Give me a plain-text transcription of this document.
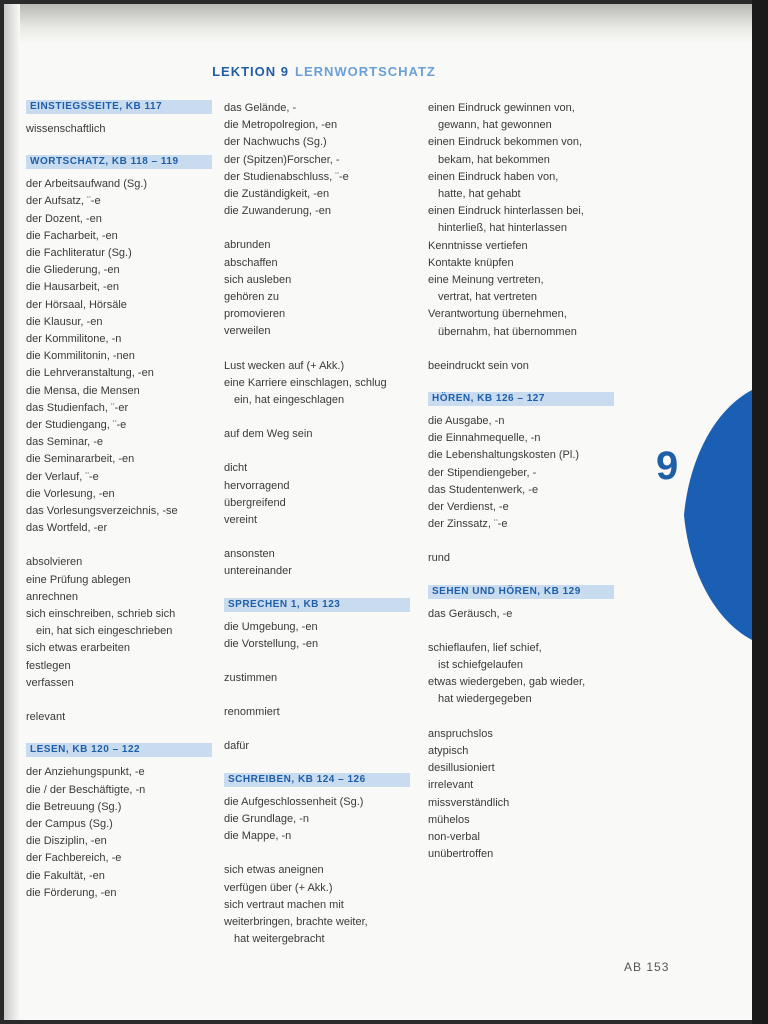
LEKTION 9 LERNWORTSCHATZ
EINSTIEGSSEITE, KB 117
wissenschaftlich
WORTSCHATZ, KB 118 – 119
der Arbeitsaufwand (Sg.)
der Aufsatz, ¨-e
der Dozent, -en
die Facharbeit, -en
die Fachliteratur (Sg.)
die Gliederung, -en
die Hausarbeit, -en
der Hörsaal, Hörsäle
die Klausur, -en
der Kommilitone, -n
die Kommilitonin, -nen
die Lehrveranstaltung, -en
die Mensa, die Mensen
das Studienfach, ¨-er
der Studiengang, ¨-e
das Seminar, -e
die Seminararbeit, -en
der Verlauf, ¨-e
die Vorlesung, -en
das Vorlesungsverzeichnis, -se
das Wortfeld, -er
absolvieren
eine Prüfung ablegen
anrechnen
sich einschreiben, schrieb sich
ein, hat sich eingeschrieben
sich etwas erarbeiten
festlegen
verfassen
relevant
LESEN, KB 120 – 122
der Anziehungspunkt, -e
die / der Beschäftigte, -n
die Betreuung (Sg.)
der Campus (Sg.)
die Disziplin, -en
der Fachbereich, -e
die Fakultät, -en
die Förderung, -en
das Gelände, -
die Metropolregion, -en
der Nachwuchs (Sg.)
der (Spitzen)Forscher, -
der Studienabschluss, ¨-e
die Zuständigkeit, -en
die Zuwanderung, -en
abrunden
abschaffen
sich ausleben
gehören zu
promovieren
verweilen
Lust wecken auf (+ Akk.)
eine Karriere einschlagen, schlug
ein, hat eingeschlagen
auf dem Weg sein
dicht
hervorragend
übergreifend
vereint
ansonsten
untereinander
SPRECHEN 1, KB 123
die Umgebung, -en
die Vorstellung, -en
zustimmen
renommiert
dafür
SCHREIBEN, KB 124 – 126
die Aufgeschlossenheit (Sg.)
die Grundlage, -n
die Mappe, -n
sich etwas aneignen
verfügen über (+ Akk.)
sich vertraut machen mit
weiterbringen, brachte weiter,
hat weitergebracht
einen Eindruck gewinnen von,
gewann, hat gewonnen
einen Eindruck bekommen von,
bekam, hat bekommen
einen Eindruck haben von,
hatte, hat gehabt
einen Eindruck hinterlassen bei,
hinterließ, hat hinterlassen
Kenntnisse vertiefen
Kontakte knüpfen
eine Meinung vertreten,
vertrat, hat vertreten
Verantwortung übernehmen,
übernahm, hat übernommen
beeindruckt sein von
HÖREN, KB 126 – 127
die Ausgabe, -n
die Einnahmequelle, -n
die Lebenshaltungskosten (Pl.)
der Stipendiengeber, -
das Studentenwerk, -e
der Verdienst, -e
der Zinssatz, ¨-e
rund
SEHEN UND HÖREN, KB 129
das Geräusch, -e
schieflaufen, lief schief,
ist schiefgelaufen
etwas wiedergeben, gab wieder,
hat wiedergegeben
anspruchslos
atypisch
desillusioniert
irrelevant
missverständlich
mühelos
non-verbal
unübertroffen
9
AB 153
